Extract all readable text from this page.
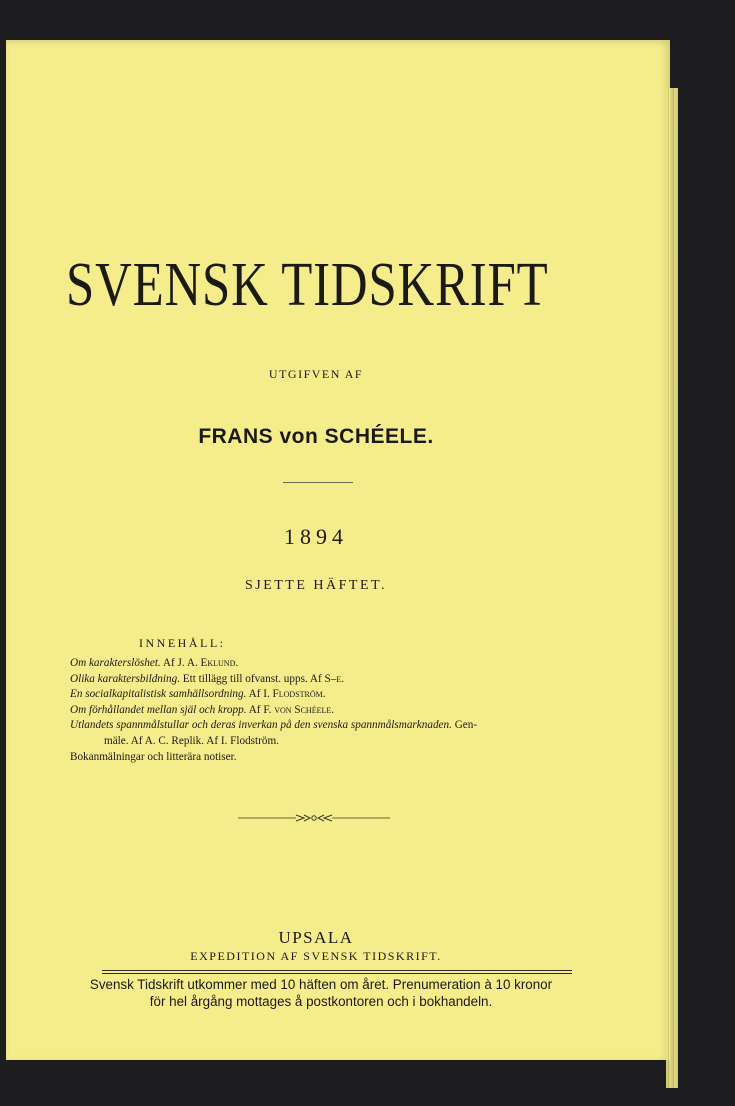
SVENSK TIDSKRIFT
UTGIFVEN AF
FRANS von SCHÉELE.
1894
SJETTE HÄFTET.
INNEHÅLL:
Om karakterslöshet. Af J. A. Eklund.
Olika karaktersbildning. Ett tillägg till ofvanst. upps. Af S–e.
En socialkapitalistisk samhällsordning. Af I. Flodström.
Om förhållandet mellan själ och kropp. Af F. von Schéele.
Utlandets spannmålstullar och deras inverkan på den svenska spannmålsmarknaden. Gen-
mäle. Af A. C. Replik. Af I. Flodström.
Bokanmälningar och litterära notiser.
UPSALA
EXPEDITION AF SVENSK TIDSKRIFT.
Svensk Tidskrift utkommer med 10 häften om året. Prenumeration à 10 kronor
för hel årgång mottages å postkontoren och i bokhandeln.
